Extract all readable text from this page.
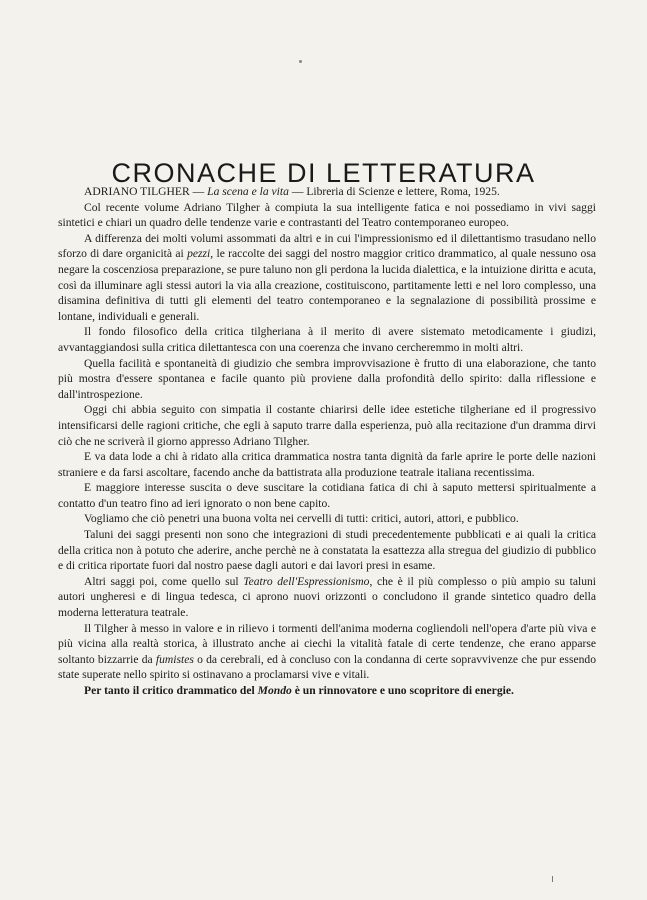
CRONACHE DI LETTERATURA

ADRIANO TILGHER — La scena e la vita — Libreria di Scienze e lettere, Roma, 1925.

Col recente volume Adriano Tilgher à compiuta la sua intelligente fatica e noi possediamo in vivi saggi sintetici e chiari un quadro delle tendenze varie e contrastanti del Teatro contemporaneo europeo.

A differenza dei molti volumi assommati da altri e in cui l'impressionismo ed il dilettantismo trasudano nello sforzo di dare organicità ai pezzi, le raccolte dei saggi del nostro maggior critico drammatico, al quale nessuno osa negare la coscenziosa preparazione, se pure taluno non gli perdona la lucida dialettica, e la intuizione diritta e acuta, così da illuminare agli stessi autori la via alla creazione, costituiscono, partitamente letti e nel loro complesso, una disamina definitiva di tutti gli elementi del teatro contemporaneo e la segnalazione di possibilità prossime e lontane, individuali e generali.

Il fondo filosofico della critica tilgheriana à il merito di avere sistemato metodicamente i giudizi, avvantaggiandosi sulla critica dilettantesca con una coerenza che invano cercheremmo in molti altri.

Quella facilità e spontaneità di giudizio che sembra improvvisazione è frutto di una elaborazione, che tanto più mostra d'essere spontanea e facile quanto più proviene dalla profondità dello spirito: dalla riflessione e dall'introspezione.

Oggi chi abbia seguito con simpatia il costante chiarirsi delle idee estetiche tilgheriane ed il progressivo intensificarsi delle ragioni critiche, che egli à saputo trarre dalla esperienza, può alla recitazione d'un dramma dirvi ciò che ne scriverà il giorno appresso Adriano Tilgher.

E va data lode a chi à ridato alla critica drammatica nostra tanta dignità da farle aprire le porte delle nazioni straniere e da farsi ascoltare, facendo anche da battistrata alla produzione teatrale italiana recentissima.

E maggiore interesse suscita o deve suscitare la cotidiana fatica di chi à saputo mettersi spiritualmente a contatto d'un teatro fino ad ieri ignorato o non bene capito.

Vogliamo che ciò penetri una buona volta nei cervelli di tutti: critici, autori, attori, e pubblico.

Taluni dei saggi presenti non sono che integrazioni di studi precedentemente pubblicati e ai quali la critica della critica non à potuto che aderire, anche perchè ne à constatata la esattezza alla stregua del giudizio di pubblico e di critica riportate fuori dal nostro paese dagli autori e dai lavori presi in esame.

Altri saggi poi, come quello sul Teatro dell'Espressionismo, che è il più complesso o più ampio su taluni autori ungheresi e di lingua tedesca, ci aprono nuovi orizzonti o concludono il grande sintetico quadro della moderna letteratura teatrale.

Il Tilgher à messo in valore e in rilievo i tormenti dell'anima moderna cogliendoli nell'opera d'arte più viva e più vicina alla realtà storica, à illustrato anche ai ciechi la vitalità fatale di certe tendenze, che erano apparse soltanto bizzarrie da fumistes o da cerebrali, ed à concluso con la condanna di certe sopravvivenze che pur essendo state superate nello spirito si ostinavano a proclamarsi vive e vitali.

Per tanto il critico drammatico del Mondo è un rinnovatore e uno scopritore di energie.
